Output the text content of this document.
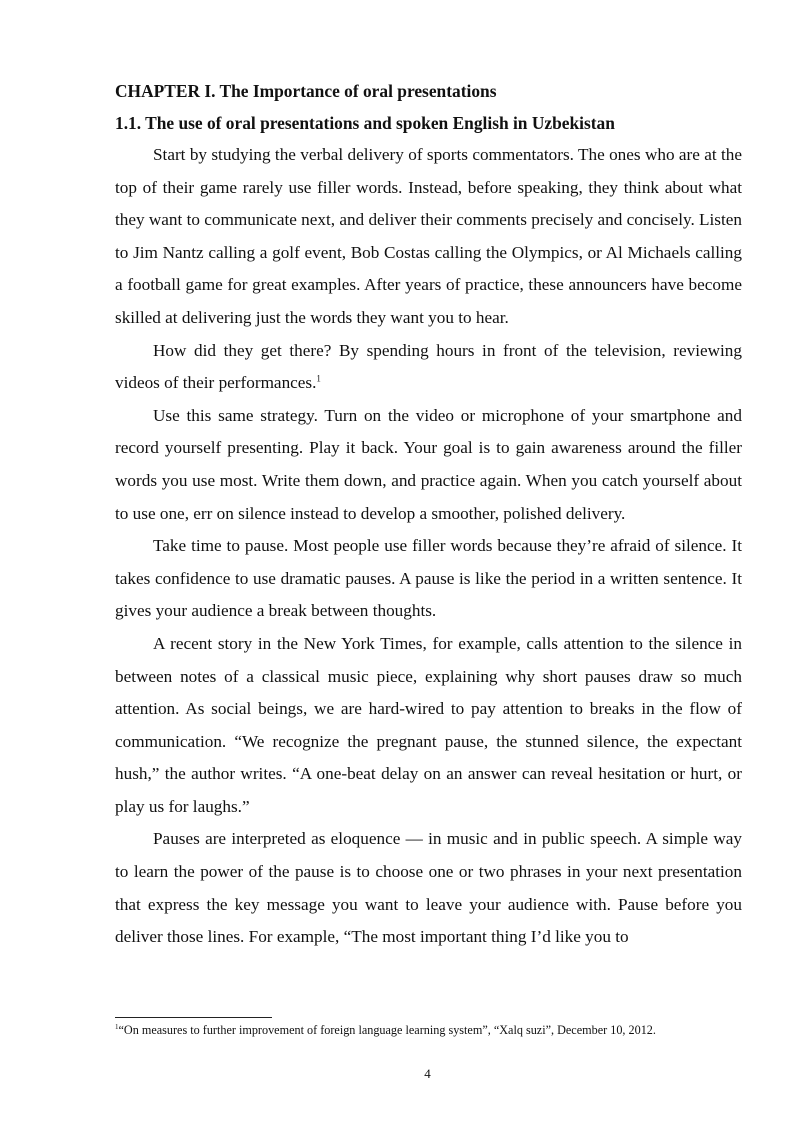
CHAPTER I. The Importance of oral presentations
1.1. The use of oral presentations and spoken English in Uzbekistan

Start by studying the verbal delivery of sports commentators. The ones who are at the top of their game rarely use filler words. Instead, before speaking, they think about what they want to communicate next, and deliver their comments precisely and concisely. Listen to Jim Nantz calling a golf event, Bob Costas calling the Olympics, or Al Michaels calling a football game for great examples. After years of practice, these announcers have become skilled at delivering just the words they want you to hear.

How did they get there? By spending hours in front of the television, reviewing videos of their performances.$^1$

Use this same strategy. Turn on the video or microphone of your smartphone and record yourself presenting. Play it back. Your goal is to gain awareness around the filler words you use most. Write them down, and practice again. When you catch yourself about to use one, err on silence instead to develop a smoother, polished delivery.

Take time to pause. Most people use filler words because they’re afraid of silence. It takes confidence to use dramatic pauses. A pause is like the period in a written sentence. It gives your audience a break between thoughts.

A recent story in the New York Times, for example, calls attention to the silence in between notes of a classical music piece, explaining why short pauses draw so much attention. As social beings, we are hard-wired to pay attention to breaks in the flow of communication. “We recognize the pregnant pause, the stunned silence, the expectant hush,” the author writes. “A one-beat delay on an answer can reveal hesitation or hurt, or play us for laughs.”

Pauses are interpreted as eloquence — in music and in public speech. A simple way to learn the power of the pause is to choose one or two phrases in your next presentation that express the key message you want to leave your audience with. Pause before you deliver those lines. For example, “The most important thing I’d like you to

$^1$“On measures to further improvement of foreign language learning system”, “Xalq suzi”, December 10, 2012.
4
